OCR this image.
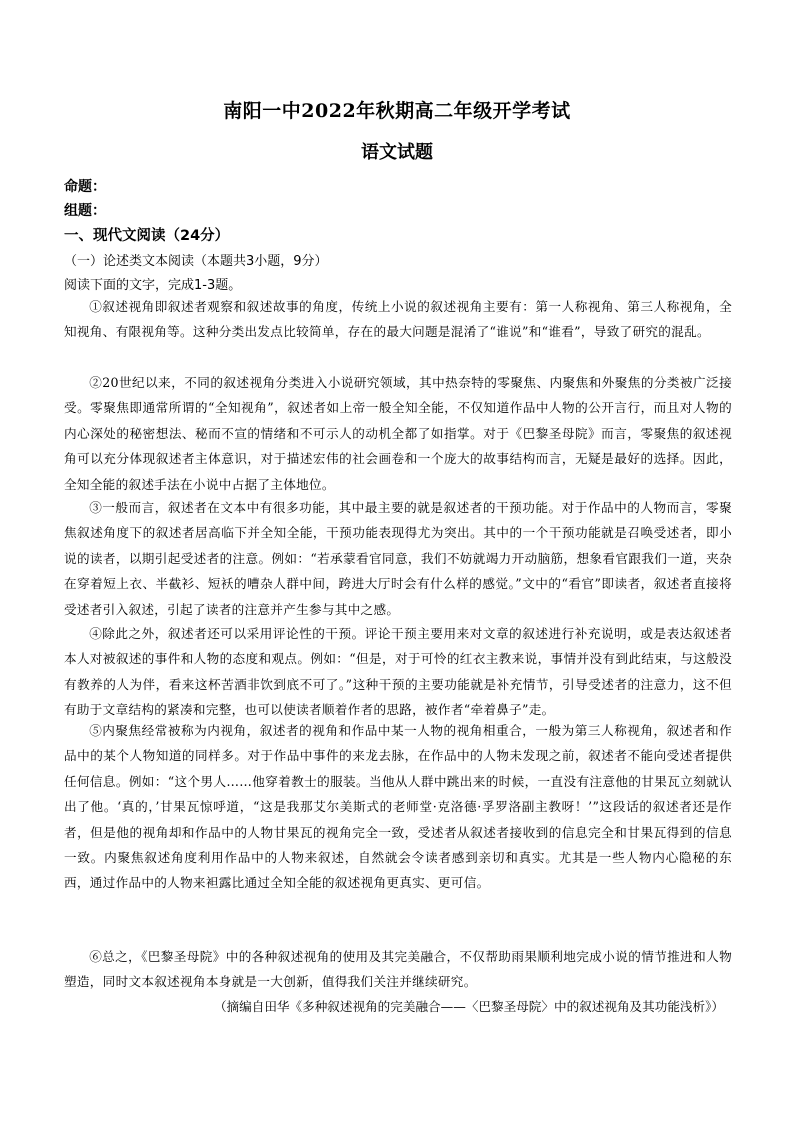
南阳一中2022年秋期高二年级开学考试
语文试题
命题：
组题：
一、现代文阅读（24分）
（一）论述类文本阅读（本题共3小题，9分）
阅读下面的文字，完成1-3题。
①叙述视角即叙述者观察和叙述故事的角度，传统上小说的叙述视角主要有：第一人称视角、第三人称视角，全知视角、有限视角等。这种分类出发点比较简单，存在的最大问题是混淆了“谁说”和“谁看”，导致了研究的混乱。
②20世纪以来，不同的叙述视角分类进入小说研究领域，其中热奈特的零聚焦、内聚焦和外聚焦的分类被广泛接受。零聚焦即通常所谓的“全知视角”，叙述者如上帝一般全知全能，不仅知道作品中人物的公开言行，而且对人物的内心深处的秘密想法、秘而不宣的情绪和不可示人的动机全都了如指掌。对于《巴黎圣母院》而言，零聚焦的叙述视角可以充分体现叙述者主体意识，对于描述宏伟的社会画卷和一个庞大的故事结构而言，无疑是最好的选择。因此，全知全能的叙述手法在小说中占据了主体地位。
③一般而言，叙述者在文本中有很多功能，其中最主要的就是叙述者的干预功能。对于作品中的人物而言，零聚焦叙述角度下的叙述者居高临下并全知全能，干预功能表现得尤为突出。其中的一个干预功能就是召唤受述者，即小说的读者，以期引起受述者的注意。例如：“若承蒙看官同意，我们不妨就竭力开动脑筋，想象看官跟我们一道，夹杂在穿着短上衣、半截衫、短袄的嘈杂人群中间，跨进大厅时会有什么样的感觉。”文中的“看官”即读者，叙述者直接将受述者引入叙述，引起了读者的注意并产生参与其中之感。
④除此之外，叙述者还可以采用评论性的干预。评论干预主要用来对文章的叙述进行补充说明，或是表达叙述者本人对被叙述的事件和人物的态度和观点。例如：“但是，对于可怜的红衣主教来说，事情并没有到此结束，与这般没有教养的人为伴，看来这杯苦酒非饮到底不可了。”这种干预的主要功能就是补充情节，引导受述者的注意力，这不但有助于文章结构的紧凑和完整，也可以使读者顺着作者的思路，被作者“牵着鼻子”走。
⑤内聚焦经常被称为内视角，叙述者的视角和作品中某一人物的视角相重合，一般为第三人称视角，叙述者和作品中的某个人物知道的同样多。对于作品中事件的来龙去脉，在作品中的人物未发现之前，叙述者不能向受述者提供任何信息。例如：“这个男人……他穿着教士的服装。当他从人群中跳出来的时候，一直没有注意他的甘果瓦立刻就认出了他。‘真的，’甘果瓦惊呼道，“这是我那艾尔美斯式的老师堂·克洛德·孚罗洛副主教呀！’”这段话的叙述者还是作者，但是他的视角却和作品中的人物甘果瓦的视角完全一致，受述者从叙述者接收到的信息完全和甘果瓦得到的信息一致。内聚焦叙述角度利用作品中的人物来叙述，自然就会令读者感到亲切和真实。尤其是一些人物内心隐秘的东西，通过作品中的人物来袒露比通过全知全能的叙述视角更真实、更可信。
⑥总之，《巴黎圣母院》中的各种叙述视角的使用及其完美融合，不仅帮助雨果顺利地完成小说的情节推进和人物塑造，同时文本叙述视角本身就是一大创新，值得我们关注并继续研究。
（摘编自田华《多种叙述视角的完美融合——〈巴黎圣母院〉中的叙述视角及其功能浅析》）
